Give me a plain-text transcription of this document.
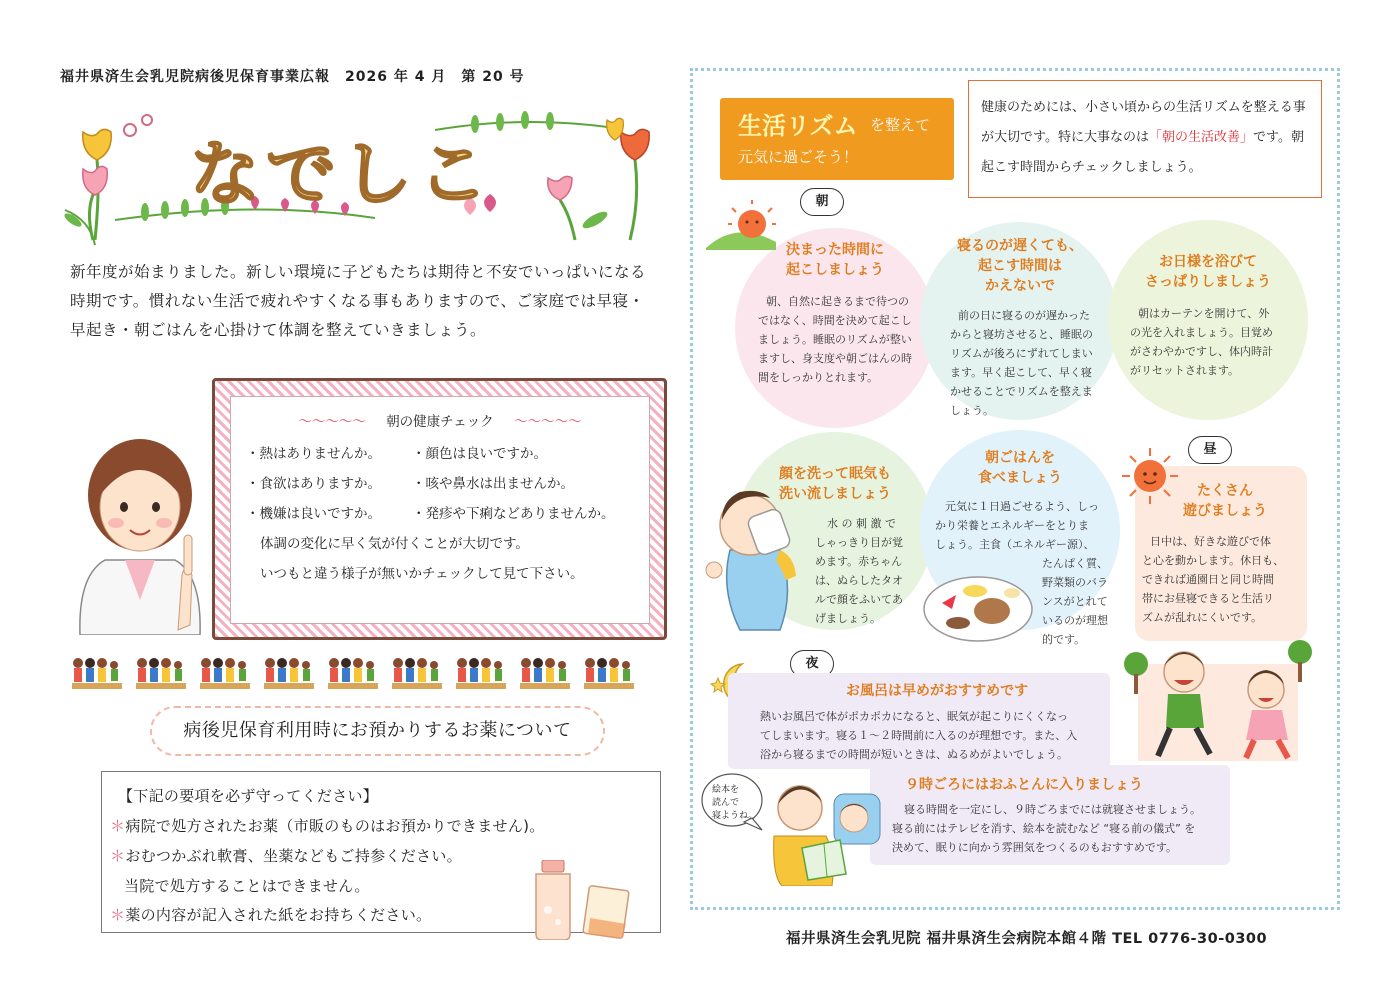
福井県済生会乳児院病後児保育事業広報　2026 年 4 月　第 20 号
なでしこ
新年度が始まりました。新しい環境に子どもたちは期待と不安でいっぱいになる
時期です。慣れない生活で疲れやすくなる事もありますので、ご家庭では早寝・
早起き・朝ごはんを心掛けて体調を整えていきましょう。
～～～～～ 朝の健康チェック ～～～～～
・熱はありませんか。
・食欲はありますか。
・機嫌は良いですか。
・顔色は良いですか。
・咳や鼻水は出ませんか。
・発疹や下痢などありませんか。
体調の変化に早く気が付くことが大切です。
いつもと違う様子が無いかチェックして見て下さい。
病後児保育利用時にお預かりするお薬について
【下記の要項を必ず守ってください】
＊病院で処方されたお薬（市販のものはお預かりできません)。
＊おむつかぶれ軟膏、坐薬などもご持参ください。
当院で処方することはできません。
＊薬の内容が記入された紙をお持ちください。
生活リズム を整えて
元気に過ごそう！
健康のためには、小さい頃からの生活リズムを整える事が大切です。特に大事なのは「朝の生活改善」です。朝起こす時間からチェックしましょう。
朝
決まった時間に
起こしましょう
朝、自然に起きるまで待つの
ではなく、時間を決めて起こし
ましょう。睡眠のリズムが整い
ますし、身支度や朝ごはんの時
間をしっかりとれます。
寝るのが遅くても、
起こす時間は
かえないで
前の日に寝るのが遅かった
からと寝坊させると、睡眠の
リズムが後ろにずれてしまい
ます。早く起こして、早く寝
かせることでリズムを整えま
しょう。
お日様を浴びて
さっぱりしましょう
朝はカーテンを開けて、外
の光を入れましょう。目覚め
がさわやかですし、体内時計
がリセットされます。
顔を洗って眠気も
洗い流しましょう
水 の 刺 激 で
しゃっきり目が覚
めます。赤ちゃん
は、ぬらしたタオ
ルで顔をふいてあ
げましょう。
朝ごはんを
食べましょう
元気に１日過ごせるよう、しっ
かり栄養とエネルギーをとりま
しょう。主食（エネルギー源）、
たんぱく質、
野菜類のバラ
ンスがとれて
いるのが理想
的です。
昼
たくさん
遊びましょう
日中は、好きな遊びで体
と心を動かします。休日も、
できれば通園日と同じ時間
帯にお昼寝できると生活リ
ズムが乱れにくいです。
夜
お風呂は早めがおすすめです
熱いお風呂で体がポカポカになると、眠気が起こりにくくなっ
てしまいます。寝る１～２時間前に入るのが理想です。また、入
浴から寝るまでの時間が短いときは、ぬるめがよいでしょう。
９時ごろにはおふとんに入りましょう
寝る時間を一定にし、９時ごろまでには就寝させましょう。
寝る前にはテレビを消す、絵本を読むなど “寝る前の儀式” を
決めて、眠りに向かう雰囲気をつくるのもおすすめです。
絵本を
読んで
寝ようね。
福井県済生会乳児院 福井県済生会病院本館４階 TEL 0776-30-0300
